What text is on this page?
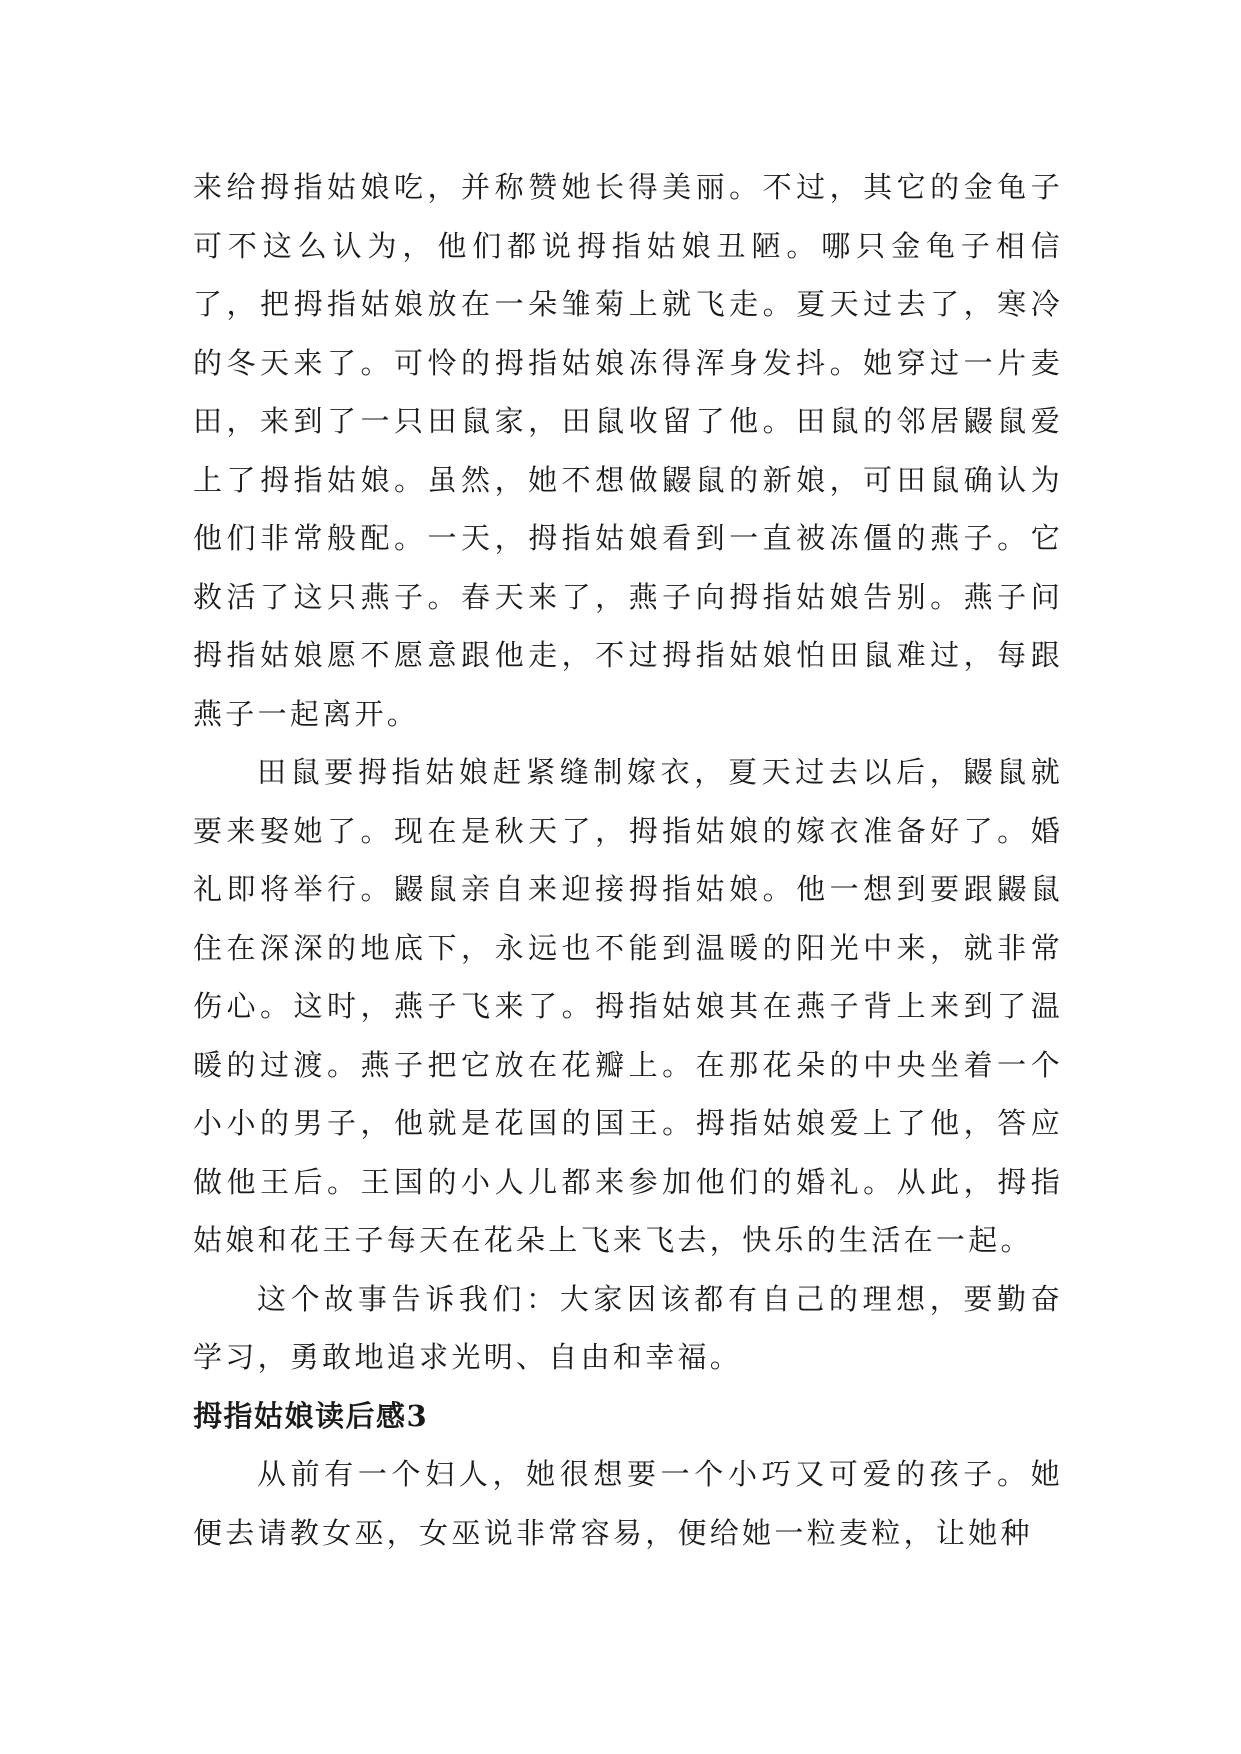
来给拇指姑娘吃，并称赞她长得美丽。不过，其它的金龟子可不这么认为，他们都说拇指姑娘丑陋。哪只金龟子相信了，把拇指姑娘放在一朵雏菊上就飞走。夏天过去了，寒冷的冬天来了。可怜的拇指姑娘冻得浑身发抖。她穿过一片麦田，来到了一只田鼠家，田鼠收留了他。田鼠的邻居鼹鼠爱上了拇指姑娘。虽然，她不想做鼹鼠的新娘，可田鼠确认为他们非常般配。一天，拇指姑娘看到一直被冻僵的燕子。它救活了这只燕子。春天来了，燕子向拇指姑娘告别。燕子问拇指姑娘愿不愿意跟他走，不过拇指姑娘怕田鼠难过，每跟燕子一起离开。

田鼠要拇指姑娘赶紧缝制嫁衣，夏天过去以后，鼹鼠就要来娶她了。现在是秋天了，拇指姑娘的嫁衣准备好了。婚礼即将举行。鼹鼠亲自来迎接拇指姑娘。他一想到要跟鼹鼠住在深深的地底下，永远也不能到温暖的阳光中来，就非常伤心。这时，燕子飞来了。拇指姑娘其在燕子背上来到了温暖的过渡。燕子把它放在花瓣上。在那花朵的中央坐着一个小小的男子，他就是花国的国王。拇指姑娘爱上了他，答应做他王后。王国的小人儿都来参加他们的婚礼。从此，拇指姑娘和花王子每天在花朵上飞来飞去，快乐的生活在一起。

这个故事告诉我们：大家因该都有自己的理想，要勤奋学习，勇敢地追求光明、自由和幸福。

拇指姑娘读后感3

从前有一个妇人，她很想要一个小巧又可爱的孩子。她便去请教女巫，女巫说非常容易，便给她一粒麦粒，让她种
